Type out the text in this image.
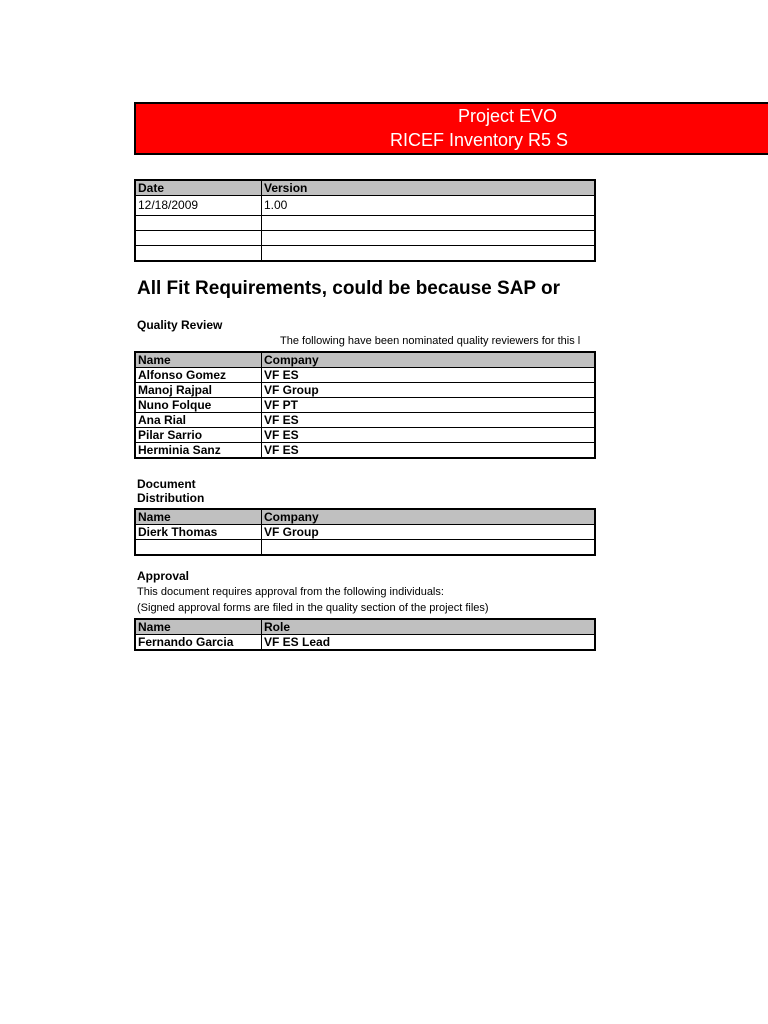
Project EVO
RICEF Inventory R5 S
Date	Version
12/18/2009	1.00

All Fit Requirements, could be because SAP or
The following have been nominated quality reviewers for this l
Quality Review
Name	Company
Alfonso Gomez	VF ES
Manoj Rajpal	VF Group
Nuno Folque	VF PT
Ana Rial	VF ES
Pilar Sarrio	VF ES
Herminia Sanz	VF ES
Document
Distribution
Name	Company
Dierk Thomas	VF Group

Approval
This document requires approval from the following individuals:
(Signed approval forms are filed in the quality section of the project files)
Name	Role
Fernando Garcia	VF ES Lead
